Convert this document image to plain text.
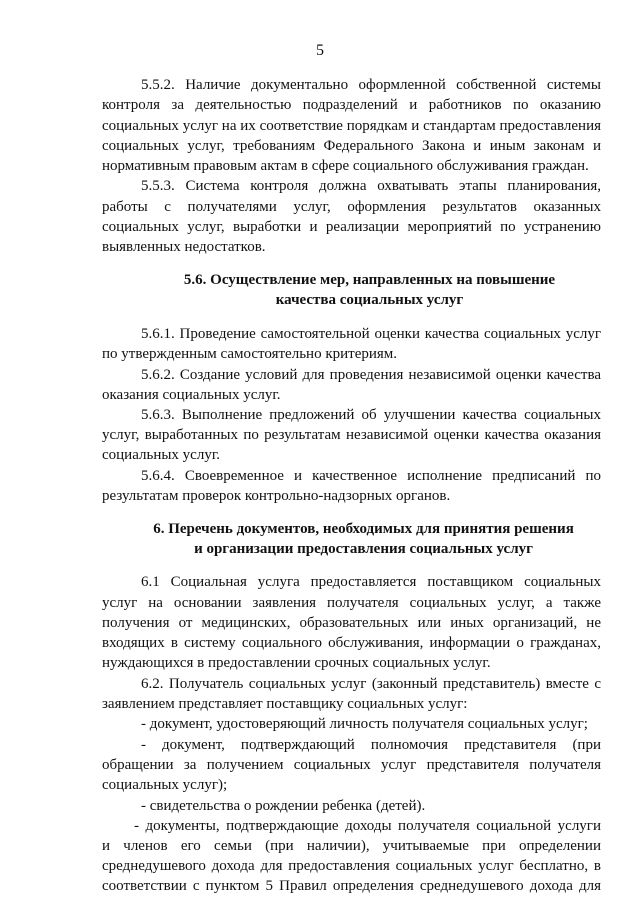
5
5.5.2. Наличие документально оформленной собственной системы
контроля за деятельностью подразделений и работников по оказанию
социальных услуг на их соответствие порядкам и стандартам предоставления
социальных услуг, требованиям Федерального Закона и иным законам и
нормативным правовым актам в сфере социального обслуживания граждан.
5.5.3. Система контроля должна охватывать этапы планирования,
работы с получателями услуг, оформления результатов оказанных
социальных услуг, выработки и реализации мероприятий по устранению
выявленных недостатков.
5.6. Осуществление мер, направленных на повышение
качества социальных услуг
5.6.1. Проведение самостоятельной оценки качества социальных услуг
по утвержденным самостоятельно критериям.
5.6.2. Создание условий для проведения независимой оценки качества
оказания социальных услуг.
5.6.3. Выполнение предложений об улучшении качества социальных
услуг, выработанных по результатам независимой оценки качества оказания
социальных услуг.
5.6.4. Своевременное и качественное исполнение предписаний по
результатам проверок контрольно-надзорных органов.
6. Перечень документов, необходимых для принятия решения
и организации предоставления социальных услуг
6.1 Социальная услуга предоставляется поставщиком социальных
услуг на основании заявления получателя социальных услуг, а также
получения от медицинских, образовательных или иных организаций, не
входящих в систему социального обслуживания, информации о гражданах,
нуждающихся в предоставлении срочных социальных услуг.
6.2. Получатель социальных услуг (законный представитель) вместе с
заявлением представляет поставщику социальных услуг:
- документ, удостоверяющий личность получателя социальных услуг;
- документ, подтверждающий полномочия представителя (при
обращении за получением социальных услуг представителя получателя
социальных услуг);
- свидетельства о рождении ребенка (детей).
- документы, подтверждающие доходы получателя социальной услуги
и членов его семьи (при наличии), учитываемые при определении
среднедушевого дохода для предоставления социальных услуг бесплатно, в
соответствии с пунктом 5 Правил определения среднедушевого дохода для
